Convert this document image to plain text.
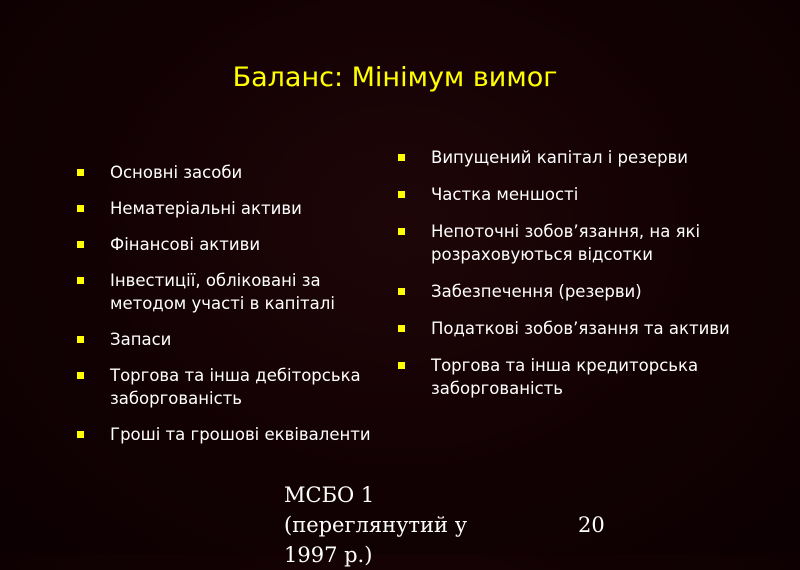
Баланс: Мінімум вимог
Основні засоби
Нематеріальні активи
Фінансові активи
Інвестиції, обліковані за методом участі в капіталі
Запаси
Торгова та інша дебіторська заборгованість
Гроші та грошові еквіваленти
Випущений капітал і резерви
Частка меншості
Непоточні зобов’язання, на які розраховуються відсотки
Забезпечення (резерви)
Податкові зобов’язання та активи
Торгова та інша кредиторська заборгованість
МСБО 1 (переглянутий у 1997 р.)
20
